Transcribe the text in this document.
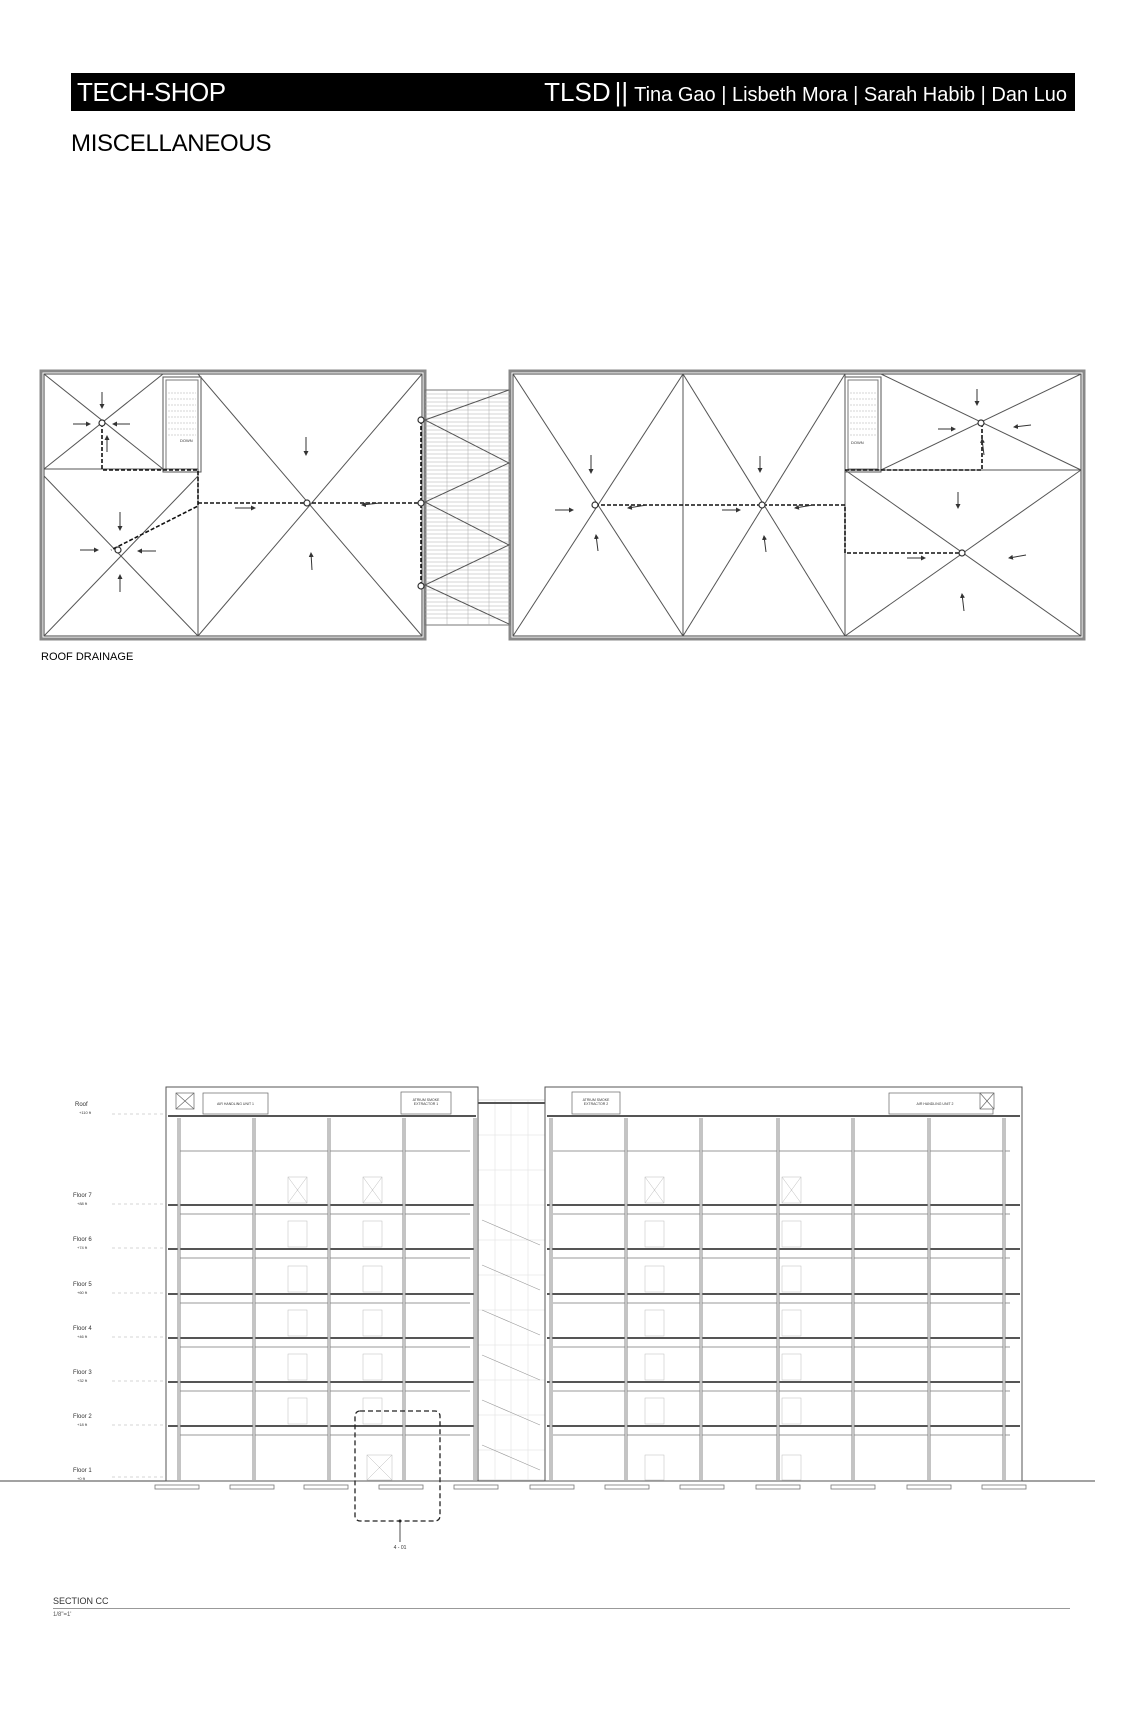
TECH-SHOP	TLSD || Tina Gao | Lisbeth Mora | Sarah Habib | Dan Luo
MISCELLANEOUS
DOWN	DOWN
ROOF DRAINAGE
AIR HANDLING UNIT 1
ATRIUM SMOKE EXTRACTOR 1
ATRIUM SMOKE EXTRACTOR 2	AIR HANDLING UNIT 2
Roof
+110 ft
Floor 7
+88 ft
Floor 6
+74 ft
Floor 5
+60 ft
Floor 4
+46 ft
Floor 3
+32 ft
Floor 2
+18 ft
Floor 1
+0 ft
4 - 01
SECTION CC
1/8"=1'
